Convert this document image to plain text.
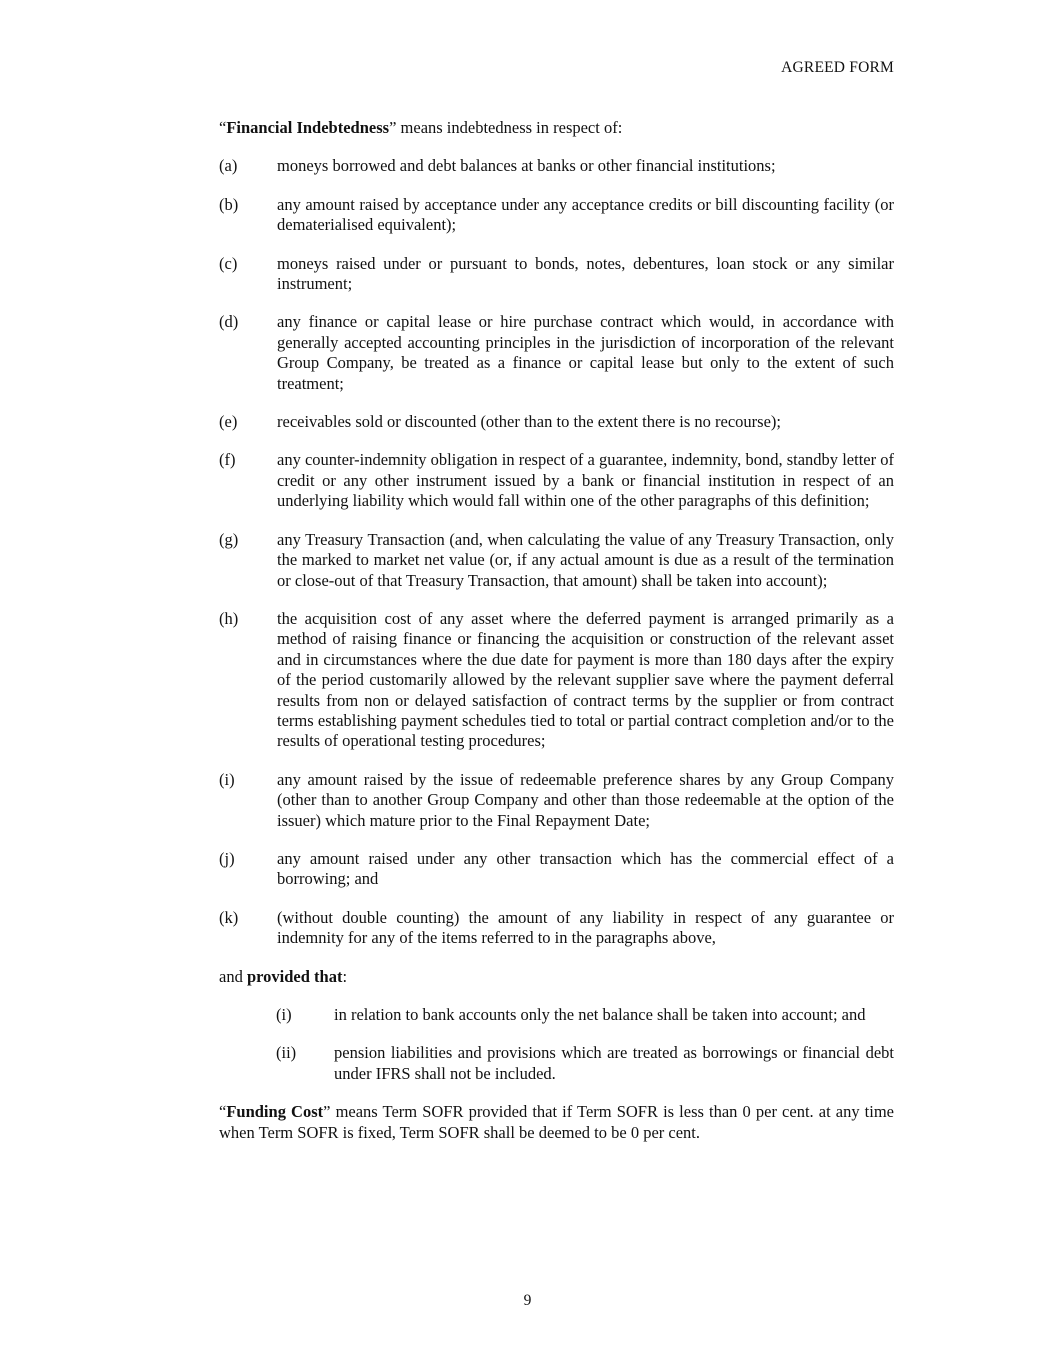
AGREED FORM

“Financial Indebtedness” means indebtedness in respect of:

(a)	moneys borrowed and debt balances at banks or other financial institutions;
(b)	any amount raised by acceptance under any acceptance credits or bill discounting facility (or dematerialised equivalent);
(c)	moneys raised under or pursuant to bonds, notes, debentures, loan stock or any similar instrument;
(d)	any finance or capital lease or hire purchase contract which would, in accordance with generally accepted accounting principles in the jurisdiction of incorporation of the relevant Group Company, be treated as a finance or capital lease but only to the extent of such treatment;
(e)	receivables sold or discounted (other than to the extent there is no recourse);
(f)	any counter-indemnity obligation in respect of a guarantee, indemnity, bond, standby letter of credit or any other instrument issued by a bank or financial institution in respect of an underlying liability which would fall within one of the other paragraphs of this definition;
(g)	any Treasury Transaction (and, when calculating the value of any Treasury Transaction, only the marked to market net value (or, if any actual amount is due as a result of the termination or close-out of that Treasury Transaction, that amount) shall be taken into account);
(h)	the acquisition cost of any asset where the deferred payment is arranged primarily as a method of raising finance or financing the acquisition or construction of the relevant asset and in circumstances where the due date for payment is more than 180 days after the expiry of the period customarily allowed by the relevant supplier save where the payment deferral results from non or delayed satisfaction of contract terms by the supplier or from contract terms establishing payment schedules tied to total or partial contract completion and/or to the results of operational testing procedures;
(i)	any amount raised by the issue of redeemable preference shares by any Group Company (other than to another Group Company and other than those redeemable at the option of the issuer) which mature prior to the Final Repayment Date;
(j)	any amount raised under any other transaction which has the commercial effect of a borrowing; and
(k)	(without double counting) the amount of any liability in respect of any guarantee or indemnity for any of the items referred to in the paragraphs above,

and provided that:

(i)	in relation to bank accounts only the net balance shall be taken into account; and
(ii)	pension liabilities and provisions which are treated as borrowings or financial debt under IFRS shall not be included.

“Funding Cost” means Term SOFR provided that if Term SOFR is less than 0 per cent. at any time when Term SOFR is fixed, Term SOFR shall be deemed to be 0 per cent.

9
